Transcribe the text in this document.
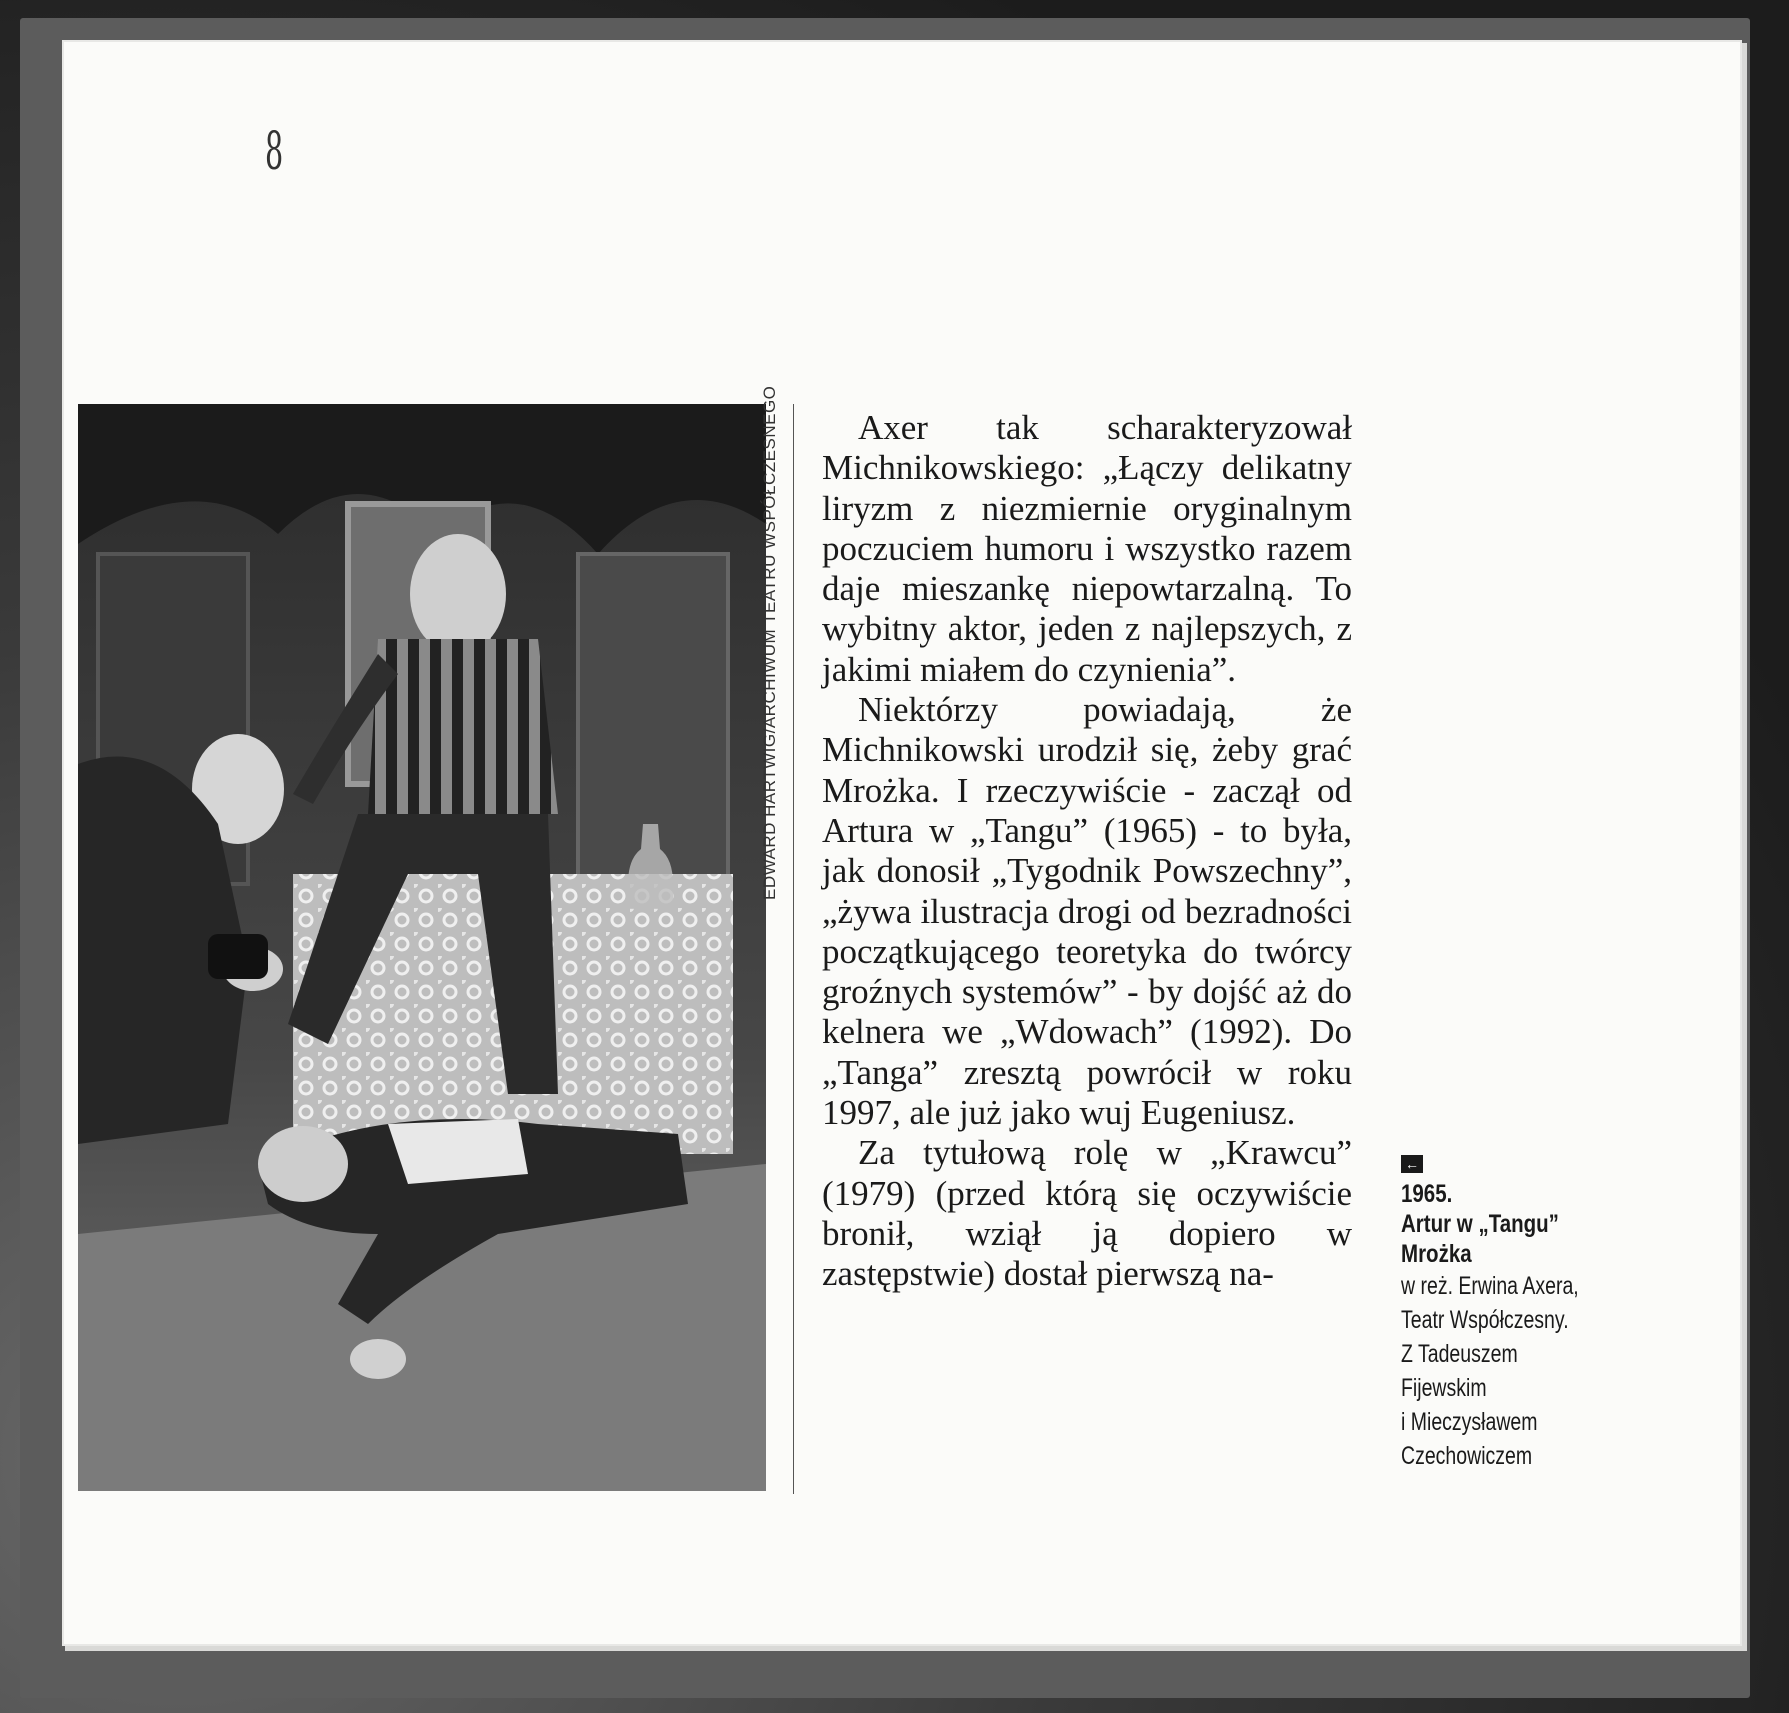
8
EDWARD HARTWIG/ARCHIWUM TEATRU WSPÓŁCZESNEGO	Axer tak scharakteryzował Michnikowskiego: „Łączy delikatny liryzm z niezmiernie oryginalnym poczuciem humoru i wszystko razem daje mieszankę niepowtarzalną. To wybitny aktor, jeden z najlepszych, z jakimi miałem do czynienia”.

Niektórzy powiadają, że Michnikowski urodził się, żeby grać Mrożka. I rzeczywiście - zaczął od Artura w „Tangu” (1965) - to była, jak donosił „Tygodnik Powszechny”, „żywa ilustracja drogi od bezradności początkującego teoretyka do twórcy groźnych systemów” - by dojść aż do kelnera we „Wdowach” (1992). Do „Tanga” zresztą powrócił w roku 1997, ale już jako wuj Eugeniusz.

Za tytułową rolę w „Krawcu” (1979) (przed którą się oczywiście bronił, wziął ją dopiero w zastępstwie) dostał pierwszą na-

←
1965.
Artur w „Tangu”
Mrożka
w reż. Erwina Axera,
Teatr Współczesny.
Z Tadeuszem
Fijewskim
i Mieczysławem
Czechowiczem
